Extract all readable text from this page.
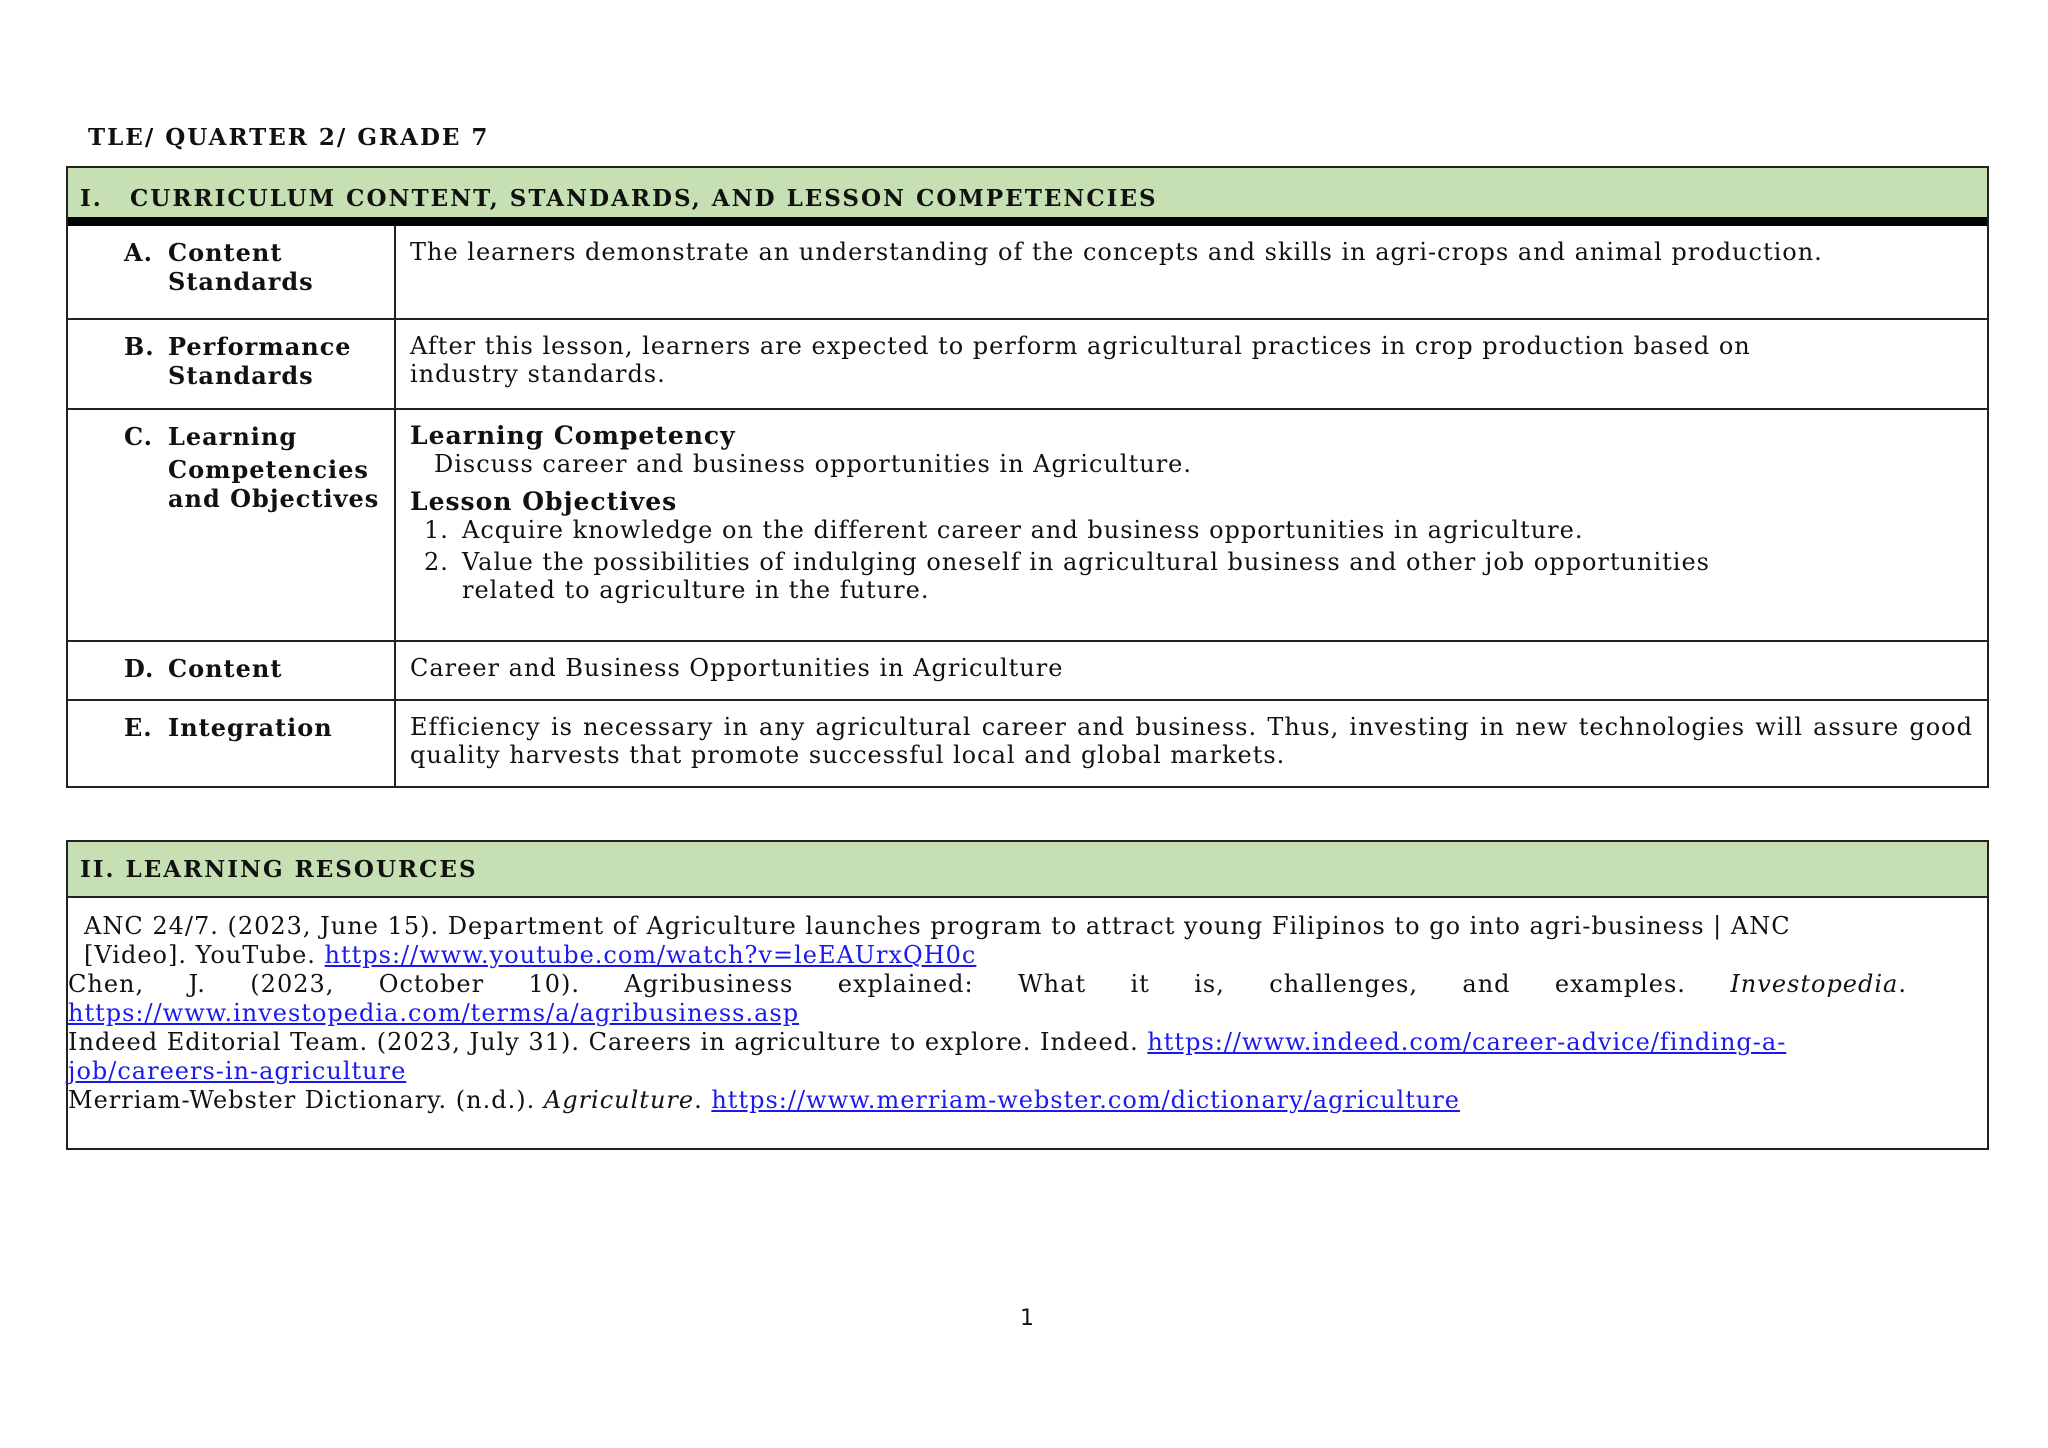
TLE/ QUARTER 2/ GRADE 7
I. CURRICULUM CONTENT, STANDARDS, AND LESSON COMPETENCIES
A. Content
Standards
The learners demonstrate an understanding of the concepts and skills in agri-crops and animal production.
B. Performance
Standards
After this lesson, learners are expected to perform agricultural practices in crop production based on industry standards.
C. Learning
Competencies
and Objectives
Learning Competency
Discuss career and business opportunities in Agriculture.
Lesson Objectives
1. Acquire knowledge on the different career and business opportunities in agriculture.
2. Value the possibilities of indulging oneself in agricultural business and other job opportunities related to agriculture in the future.
D. Content	Career and Business Opportunities in Agriculture
E. Integration	Efficiency is necessary in any agricultural career and business. Thus, investing in new technologies will assure good quality harvests that promote successful local and global markets.
II. LEARNING RESOURCES
ANC 24/7. (2023, June 15). Department of Agriculture launches program to attract young Filipinos to go into agri-business | ANC [Video]. YouTube. https://www.youtube.com/watch?v=leEAUrxQH0c
Chen, J. (2023, October 10). Agribusiness explained: What it is, challenges, and examples. Investopedia. https://www.investopedia.com/terms/a/agribusiness.asp
Indeed Editorial Team. (2023, July 31). Careers in agriculture to explore. Indeed. https://www.indeed.com/career-advice/finding-a-job/careers-in-agriculture
Merriam-Webster Dictionary. (n.d.). Agriculture. https://www.merriam-webster.com/dictionary/agriculture
1
